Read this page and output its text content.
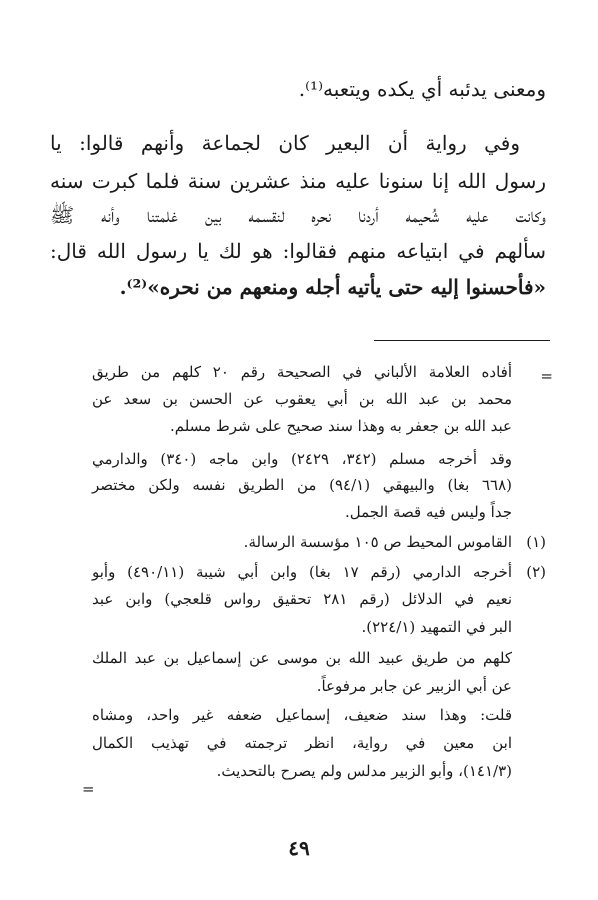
ومعنى يدئبه أي يكده ويتعبه⁽¹⁾.
وفي رواية أن البعير كان لجماعة وأنهم قالوا: يا
رسول الله إنا سنونا عليه منذ عشرين سنة فلما كبرت سنه
وكانت عليه شُحيمه أردنا نحره لنقسمه بين غلمتنا وأنه ﷺ
سألهم في ابتياعه منهم فقالوا: هو لك يا رسول الله قال:
«فأحسنوا إليه حتى يأتيه أجله ومنعهم من نحره»⁽²⁾.
=
أفاده العلامة الألباني في الصحيحة رقم ٢٠ كلهم من طريق
محمد بن عبد الله بن أبي يعقوب عن الحسن بن سعد عن
عبد الله بن جعفر به وهذا سند صحيح على شرط مسلم.
وقد أخرجه مسلم (٣٤٢، ٢٤٢٩) وابن ماجه (٣٤٠) والدارمي
(٦٦٨ بغا) والبيهقي (٩٤/١) من الطريق نفسه ولكن مختصر
جداً وليس فيه قصة الجمل.
(١)
القاموس المحيط ص ١٠٥ مؤسسة الرسالة.
(٢)
أخرجه الدارمي (رقم ١٧ بغا) وابن أبي شيبة (٤٩٠/١١) وأبو
نعيم في الدلائل (رقم ٢٨١ تحقيق رواس قلعجي) وابن عبد
البر في التمهيد (٢٢٤/١).
كلهم من طريق عبيد الله بن موسى عن إسماعيل بن عبد الملك
عن أبي الزبير عن جابر مرفوعاً.
قلت: وهذا سند ضعيف، إسماعيل ضعفه غير واحد، ومشاه
ابن معين في رواية، انظر ترجمته في تهذيب الكمال
(١٤١/٣)، وأبو الزبير مدلس ولم يصرح بالتحديث.
=
٤٩
